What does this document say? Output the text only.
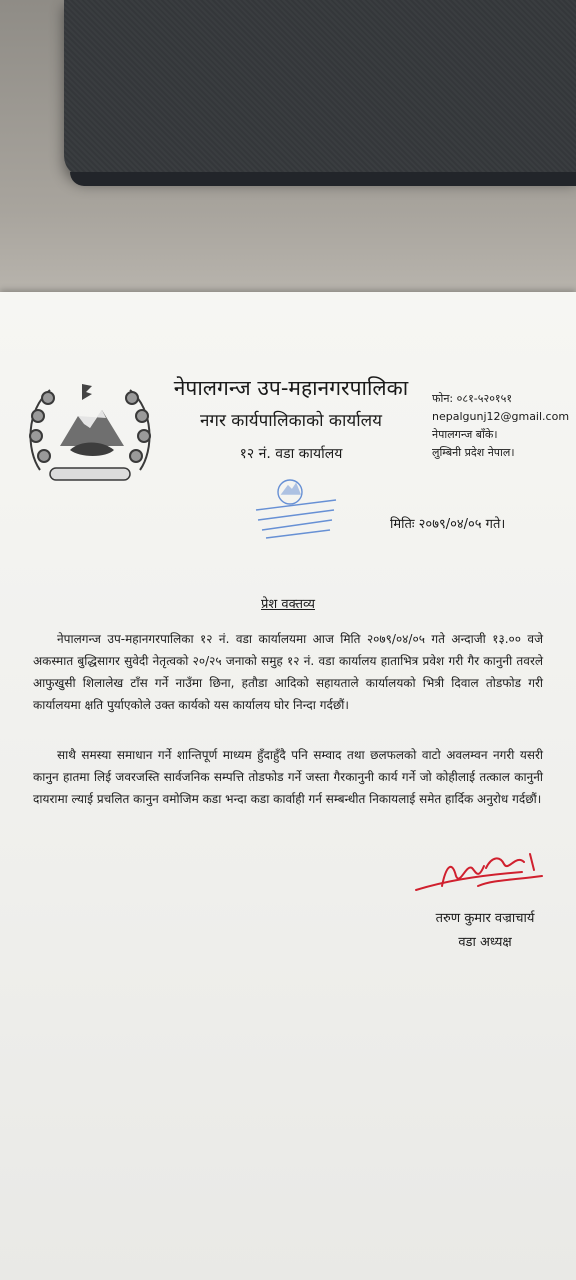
नेपालगन्ज उप-महानगरपालिका
नगर कार्यपालिकाको कार्यालय
१२ नं. वडा कार्यालय
फोन: ०८१-५२०१५१
nepalgunj12@gmail.com
नेपालगन्ज बाँके।
लुम्बिनी प्रदेश नेपाल।
मितिः २०७९/०४/०५ गते।
प्रेश वक्तव्य

नेपालगन्ज उप-महानगरपालिका १२ नं. वडा कार्यालयमा आज मिति २०७९/०४/०५ गते अन्दाजी १३.०० वजे अकस्मात बुद्धिसागर सुवेदी नेतृत्वको २०/२५ जनाको समुह १२ नं. वडा कार्यालय हाताभित्र प्रवेश गरी गैर कानुनी तवरले आफुखुसी शिलालेख टाँस गर्ने नाउँमा छिना, हतौडा आदिको सहायताले कार्यालयको भित्री दिवाल तोडफोड गरी कार्यालयमा क्षति पुर्याएकोले उक्त कार्यको यस कार्यालय घोर निन्दा गर्दछौं।

साथै समस्या समाधान गर्ने शान्तिपूर्ण माध्यम हुँदाहुँदै पनि सम्वाद तथा छलफलको वाटो अवलम्वन नगरी यसरी कानुन हातमा लिई जवरजस्ति सार्वजनिक सम्पत्ति तोडफोड गर्ने जस्ता गैरकानुनी कार्य गर्ने जो कोहीलाई तत्काल कानुनी दायरामा ल्याई प्रचलित कानुन वमोजिम कडा भन्दा कडा कार्वाही गर्न सम्बन्धीत निकायलाई समेत हार्दिक अनुरोध गर्दछौं।

तरुण कुमार वज्राचार्य
वडा अध्यक्ष
